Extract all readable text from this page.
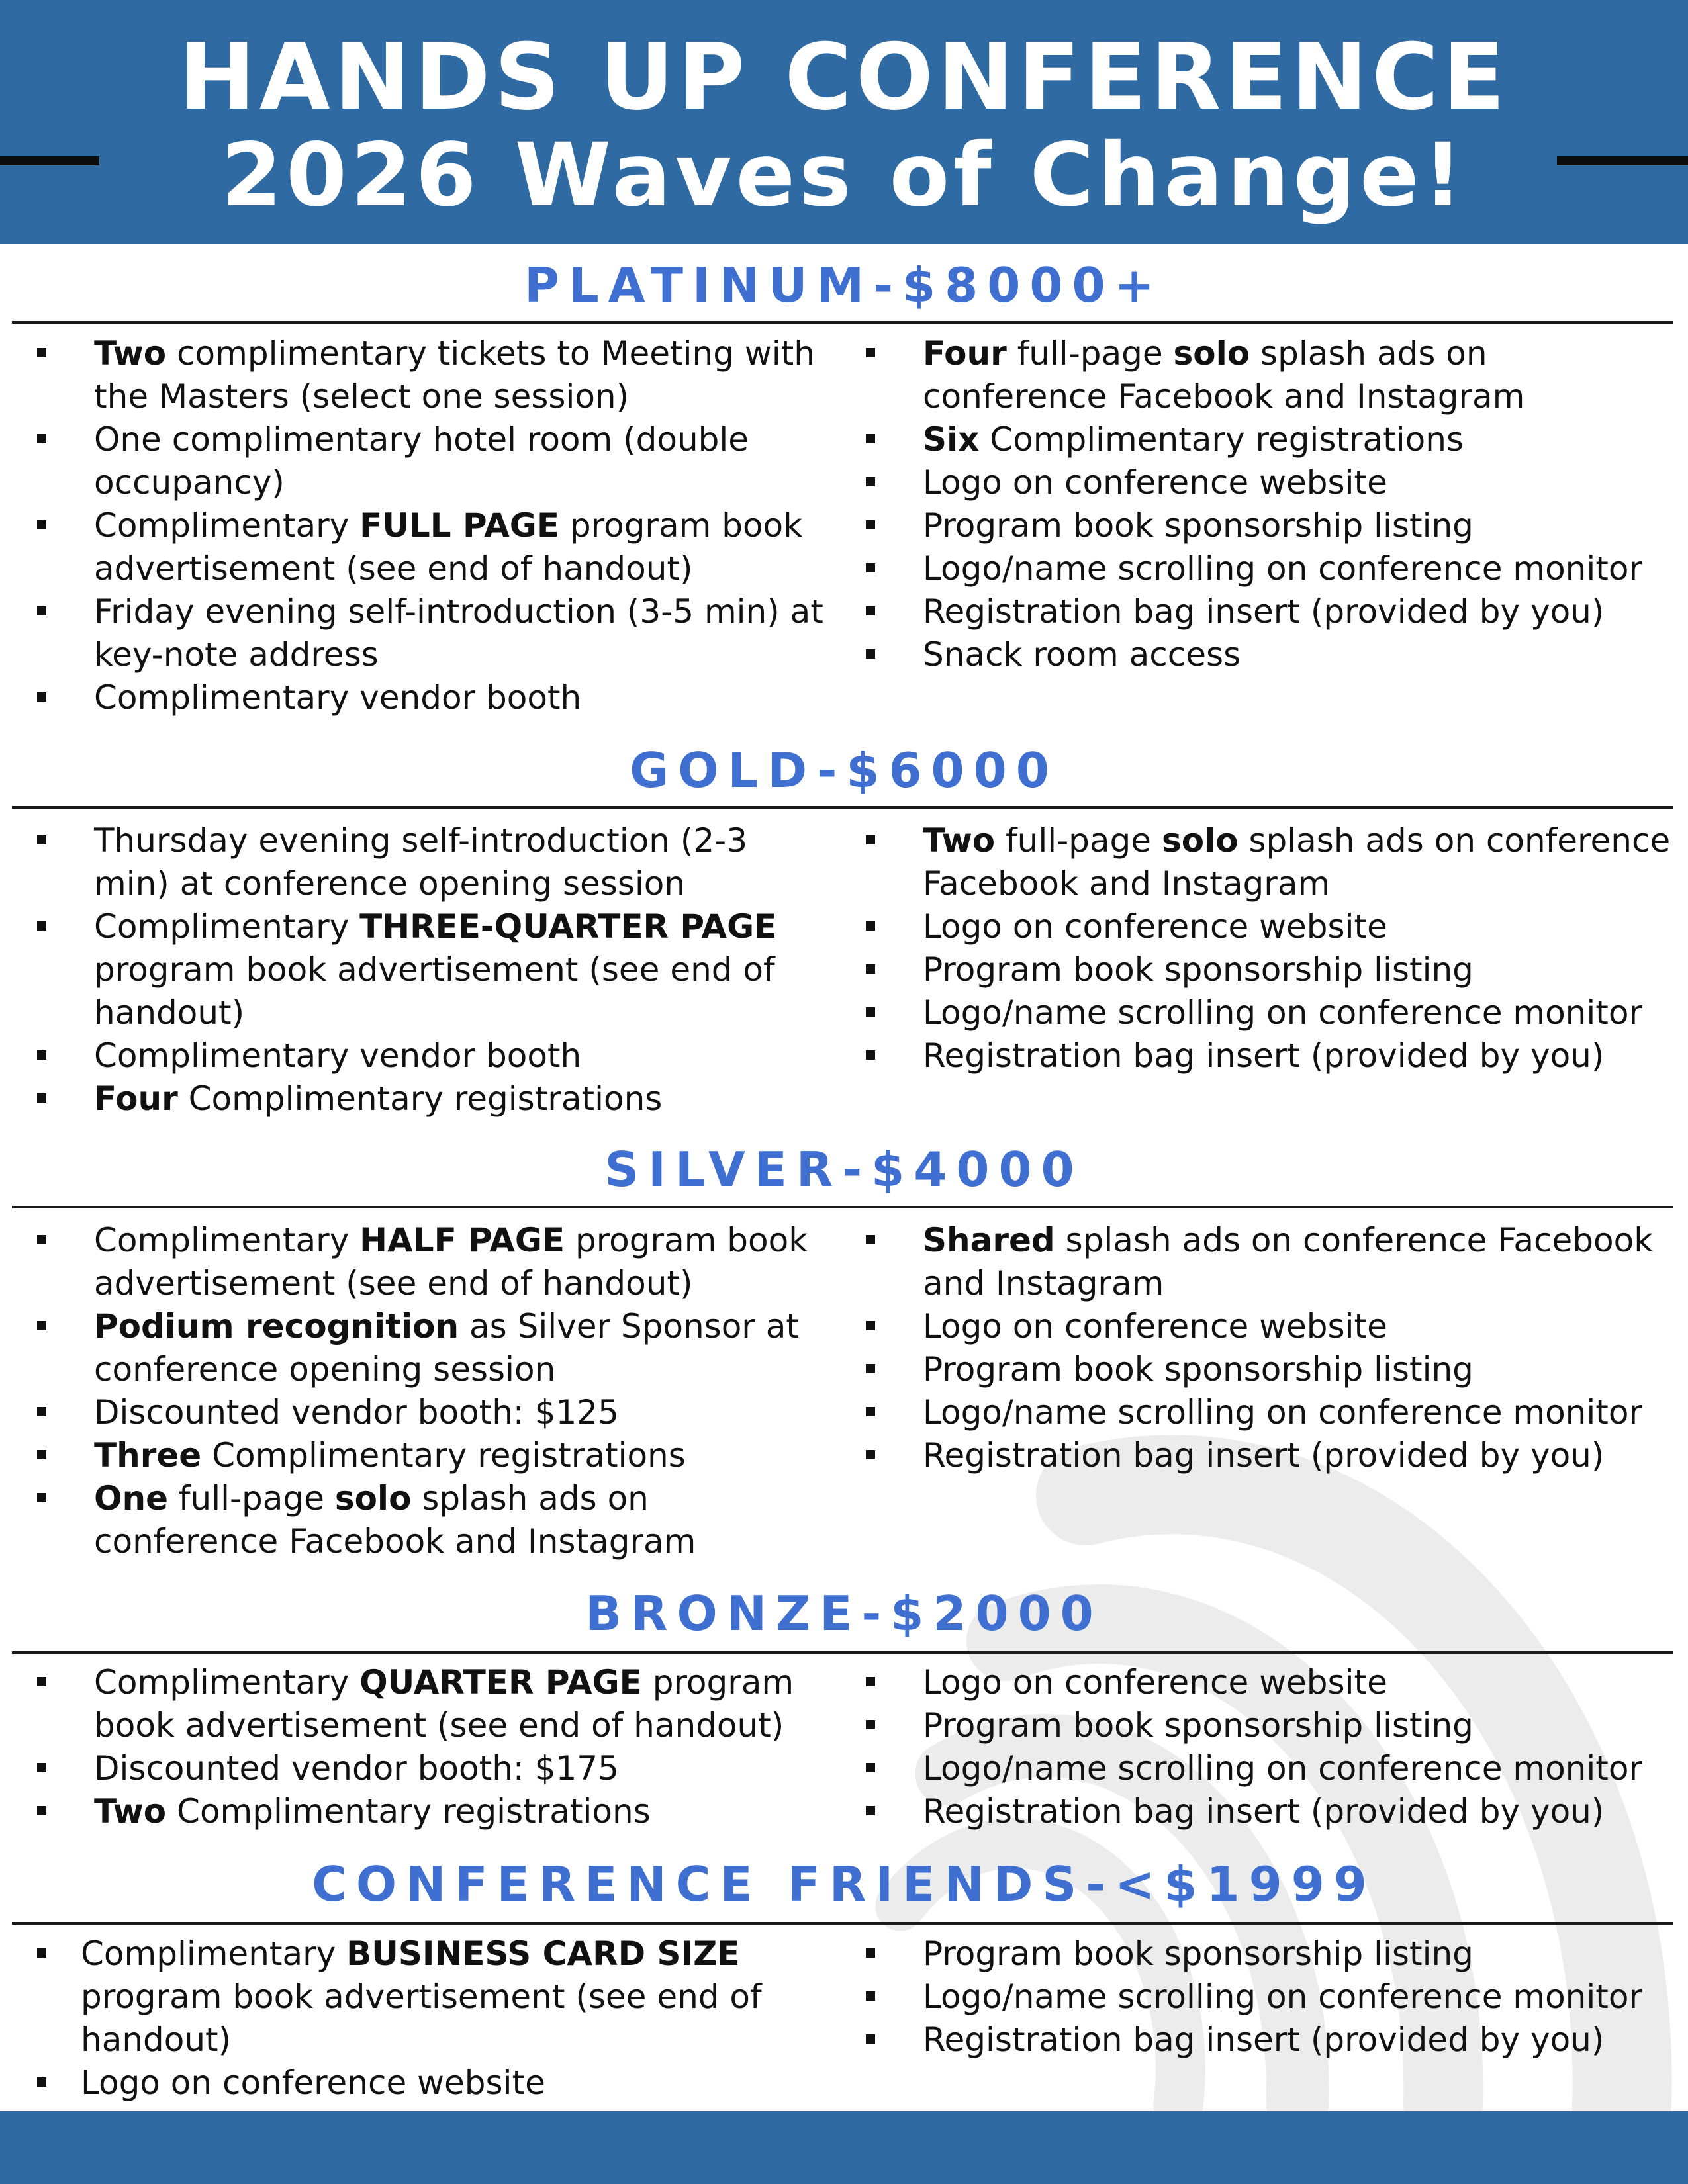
HANDS UP CONFERENCE
2026 Waves of Change!
PLATINUM-$8000+
Two complimentary tickets to Meeting with the Masters (select one session)
One complimentary hotel room (double occupancy)
Complimentary FULL PAGE program book advertisement (see end of handout)
Friday evening self-introduction (3-5 min) at key-note address
Complimentary vendor booth
Four full-page solo splash ads on conference Facebook and Instagram
Six Complimentary registrations
Logo on conference website
Program book sponsorship listing
Logo/name scrolling on conference monitor
Registration bag insert (provided by you)
Snack room access
GOLD-$6000
Thursday evening self-introduction (2-3 min) at conference opening session
Complimentary THREE-QUARTER PAGE program book advertisement (see end of handout)
Complimentary vendor booth
Four Complimentary registrations
Two full-page solo splash ads on conference Facebook and Instagram
Logo on conference website
Program book sponsorship listing
Logo/name scrolling on conference monitor
Registration bag insert (provided by you)
SILVER-$4000
Complimentary HALF PAGE program book advertisement (see end of handout)
Podium recognition as Silver Sponsor at conference opening session
Discounted vendor booth: $125
Three Complimentary registrations
One full-page solo splash ads on conference Facebook and Instagram
Shared splash ads on conference Facebook and Instagram
Logo on conference website
Program book sponsorship listing
Logo/name scrolling on conference monitor
Registration bag insert (provided by you)
BRONZE-$2000
Complimentary QUARTER PAGE program book advertisement (see end of handout)
Discounted vendor booth: $175
Two Complimentary registrations
Logo on conference website
Program book sponsorship listing
Logo/name scrolling on conference monitor
Registration bag insert (provided by you)
CONFERENCE FRIENDS-<$1999
Complimentary BUSINESS CARD SIZE program book advertisement (see end of handout)
Logo on conference website
Program book sponsorship listing
Logo/name scrolling on conference monitor
Registration bag insert (provided by you)
